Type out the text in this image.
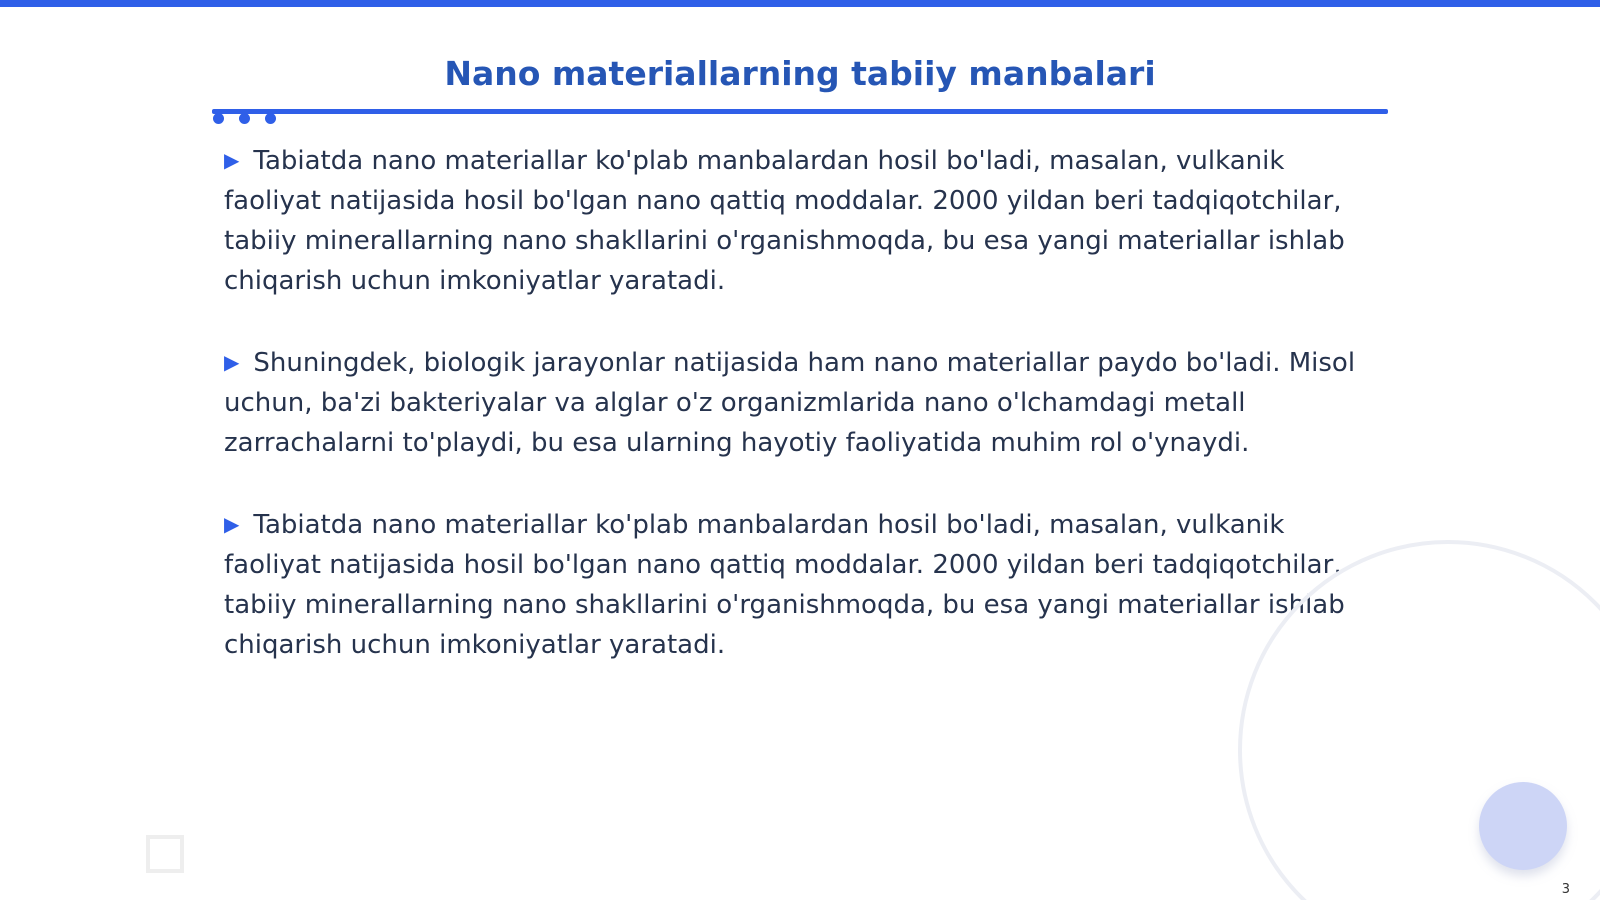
Nano materiallarning tabiiy manbalari
▶ Tabiatda nano materiallar ko'plab manbalardan hosil bo'ladi, masalan, vulkanik faoliyat natijasida hosil bo'lgan nano qattiq moddalar. 2000 yildan beri tadqiqotchilar, tabiiy minerallarning nano shakllarini o'rganishmoqda, bu esa yangi materiallar ishlab chiqarish uchun imkoniyatlar yaratadi.
▶ Shuningdek, biologik jarayonlar natijasida ham nano materiallar paydo bo'ladi. Misol uchun, ba'zi bakteriyalar va alglar o'z organizmlarida nano o'lchamdagi metall zarrachalarni to'playdi, bu esa ularning hayotiy faoliyatida muhim rol o'ynaydi.
▶ Tabiatda nano materiallar ko'plab manbalardan hosil bo'ladi, masalan, vulkanik faoliyat natijasida hosil bo'lgan nano qattiq moddalar. 2000 yildan beri tadqiqotchilar, tabiiy minerallarning nano shakllarini o'rganishmoqda, bu esa yangi materiallar ishlab chiqarish uchun imkoniyatlar yaratadi.
3
